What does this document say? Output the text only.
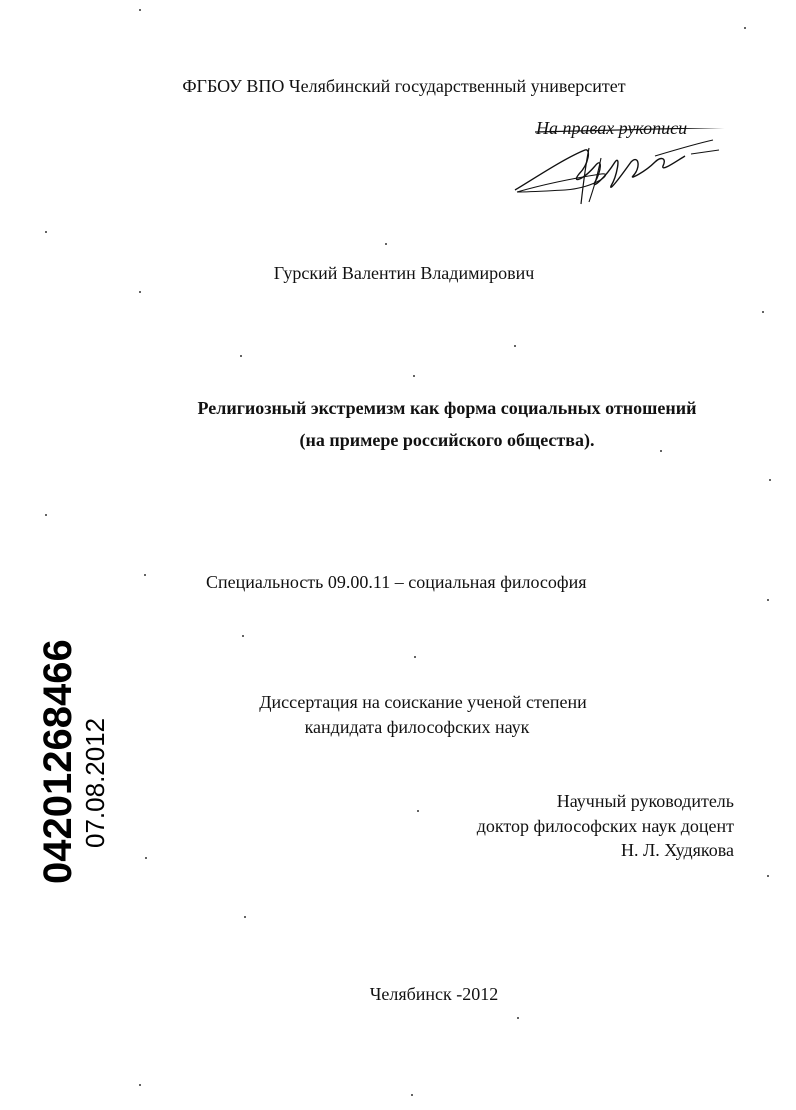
ФГБОУ ВПО Челябинский государственный университет
На правах рукописи
Гурский Валентин Владимирович
Религиозный экстремизм как форма социальных отношений
(на примере российского общества).
Специальность 09.00.11 – социальная философия
Диссертация на соискание ученой степени
кандидата философских наук
Научный руководитель
доктор философских наук доцент
Н. Л. Худякова
Челябинск -2012
04201268466 07.08.2012
